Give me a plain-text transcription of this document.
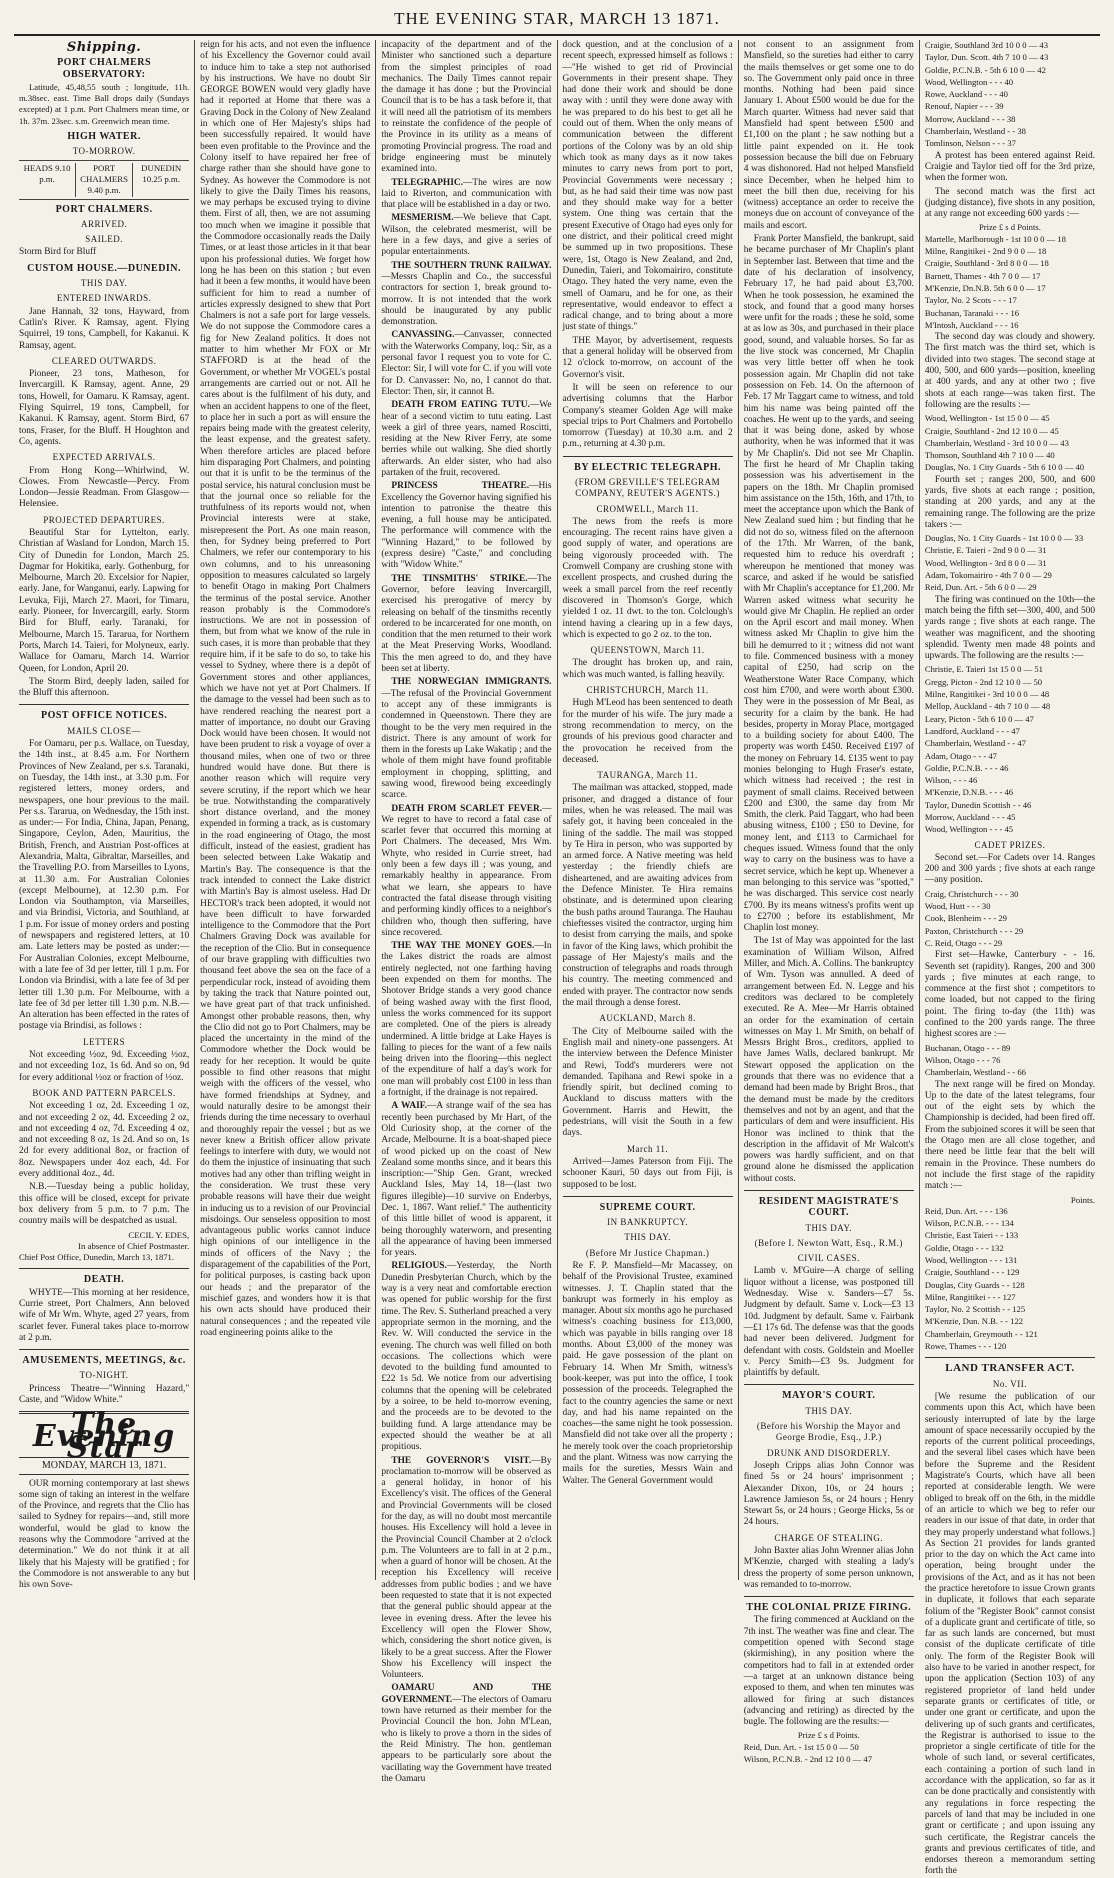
THE EVENING STAR, MARCH 13 1871.
Shipping.
PORT CHALMERS OBSERVATORY:
Latitude, 45,48,55 south ; longitude, 11h. m.38sec. east. Time Ball drops daily (Sundays excepted) at 1 p.m. Port Chalmers mean time, or 1h. 37m. 23sec. s.m. Greenwich mean time.
HIGH WATER.
TO-MORROW.
HEADS 9.10 p.m.
PORT CHALMERS 9.40 p.m.
DUNEDIN 10.25 p.m.
PORT CHALMERS.
ARRIVED.
SAILED.
Storm Bird for Bluff
CUSTOM HOUSE.—DUNEDIN.
THIS DAY.
ENTERED INWARDS.
Jane Hannah, 32 tons, Hayward, from Catlin's River. K Ramsay, agent. Flying Squirrel, 19 tons, Campbell, for Kakanui. K Ramsay, agent.
CLEARED OUTWARDS.
Pioneer, 23 tons, Matheson, for Invercargill. K Ramsay, agent. Anne, 29 tons, Howell, for Oamaru. K Ramsay, agent. Flying Squirrel, 19 tons, Campbell, for Kakanui. K Ramsay, agent. Storm Bird, 67 tons, Fraser, for the Bluff. H Houghton and Co, agents.
EXPECTED ARRIVALS.
From Hong Kong—Whirlwind, W. Clowes. From Newcastle—Percy. From London—Jessie Readman. From Glasgow—Helensiee.
PROJECTED DEPARTURES.
Beautiful Star for Lyttelton, early. Christian af Wasland for London, March 15. City of Dunedin for London, March 25. Dagmar for Hokitika, early. Gothenburg, for Melbourne, March 20. Excelsior for Napier, early. Jane, for Wanganui, early. Lapwing for Levuka, Fiji, March 27. Maori, for Timaru, early. Pioneer, for Invercargill, early. Storm Bird for Bluff, early. Taranaki, for Melbourne, March 15. Tararua, for Northern Ports, March 14. Taieri, for Molyneux, early. Wallace for Oamaru, March 14. Warrior Queen, for London, April 20.
The Storm Bird, deeply laden, sailed for the Bluff this afternoon.
POST OFFICE NOTICES.
MAILS CLOSE—
For Oamaru, per p.s. Wallace, on Tuesday, the 14th inst., at 8.45 a.m. For Northern Provinces of New Zealand, per s.s. Taranaki, on Tuesday, the 14th inst., at 3.30 p.m. For registered letters, money orders, and newspapers, one hour previous to the mail. Per s.s. Tararua, on Wednesday, the 15th inst. as under:— For India, China, Japan, Penang, Singapore, Ceylon, Aden, Mauritius, the British, French, and Austrian Post-offices at Alexandria, Malta, Gibraltar, Marseilles, and the Travelling P.O. from Marseilles to Lyons, at 11.30 a.m. For Australian Colonies (except Melbourne), at 12.30 p.m. For London via Southampton, via Marseilles, and via Brindisi, Victoria, and Southland, at 1 p.m. For issue of money orders and posting of newspapers and registered letters, at 10 am. Late letters may be posted as under:— For Australian Colonies, except Melbourne, with a late fee of 3d per letter, till 1 p.m. For London via Brindisi, with a late fee of 3d per letter till 1.30 p.m. For Melbourne, with a late fee of 3d per letter till 1.30 p.m. N.B.—An alteration has been effected in the rates of postage via Brindisi, as follows :
LETTERS
Not exceeding ½oz, 9d. Exceeding ½oz, and not exceeding 1oz, 1s 6d. And so on, 9d for every additional ½oz or fraction of ½oz.
BOOK AND PATTERN PARCELS.
Not exceeding 1 oz, 2d. Exceeding 1 oz, and not exceeding 2 oz, 4d. Exceeding 2 oz, and not exceeding 4 oz, 7d. Exceeding 4 oz, and not exceeding 8 oz, 1s 2d. And so on, 1s 2d for every additional 8oz, or fraction of 8oz. Newspapers under 4oz each, 4d. For every additional 4oz., 4d.
N.B.—Tuesday being a public holiday, this office will be closed, except for private box delivery from 5 p.m. to 7 p.m. The country mails will be despatched as usual.
CECIL Y. EDES,
In absence of Chief Postmaster.
Chief Post Office, Dunedin, March 13, 1871.
DEATH.
WHYTE—This morning at her residence, Currie street, Port Chalmers, Ann beloved wife of Mr Wm. Whyte, aged 27 years, from scarlet fever. Funeral takes place to-morrow at 2 p.m.
AMUSEMENTS, MEETINGS, &c.
TO-NIGHT.
Princess Theatre—"Winning Hazard," Caste, and "Widow White."
The Evening Star
MONDAY, MARCH 13, 1871.
OUR morning contemporary at last shews some sign of taking an interest in the welfare of the Province, and regrets that the Clio has sailed to Sydney for repairs—and, still more wonderful, would be glad to know the reasons why the Commodore "arrived at the determination." We do not think it at all likely that his Majesty will be gratified ; for the Commodore is not answerable to any but his own Sove-
reign for his acts, and not even the influence of his Excellency the Governor could avail to induce him to take a step not authorised by his instructions. We have no doubt Sir GEORGE BOWEN would very gladly have had it reported at Home that there was a Graving Dock in the Colony of New Zealand in which one of Her Majesty's ships had been successfully repaired. It would have been even profitable to the Province and the Colony itself to have repaired her free of charge rather than she should have gone to Sydney. As however the Commodore is not likely to give the Daily Times his reasons, we may perhaps be excused trying to divine them. First of all, then, we are not assuming too much when we imagine it possible that the Commodore occasionally reads the Daily Times, or at least those articles in it that bear upon his professional duties. We forget how long he has been on this station ; but even had it been a few months, it would have been sufficient for him to read a number of articles expressly designed to shew that Port Chalmers is not a safe port for large vessels. We do not suppose the Commodore cares a fig for New Zealand politics. It does not matter to him whether Mr FOX or Mr STAFFORD is at the head of the Government, or whether Mr VOGEL's postal arrangements are carried out or not. All he cares about is the fulfilment of his duty, and when an accident happens to one of the fleet, to place her in such a port as will ensure the repairs being made with the greatest celerity, the least expense, and the greatest safety. When therefore articles are placed before him disparaging Port Chalmers, and pointing out that it is unfit to be the terminus of the postal service, his natural conclusion must be that the journal once so reliable for the truthfulness of its reports would not, when Provincial interests were at stake, misrepresent the Port. As one main reason, then, for Sydney being preferred to Port Chalmers, we refer our contemporary to his own columns, and to his unreasoning opposition to measures calculated so largely to benefit Otago in making Port Chalmers the terminus of the postal service. Another reason probably is the Commodore's instructions. We are not in possession of them, but from what we know of the rule in such cases, it is more than probable that they require him, if it be safe to do so, to take his vessel to Sydney, where there is a depôt of Government stores and other appliances, which we have not yet at Port Chalmers. If the damage to the vessel had been such as to have rendered reaching the nearest port a matter of importance, no doubt our Graving Dock would have been chosen. It would not have been prudent to risk a voyage of over a thousand miles, when one of two or three hundred would have done. But there is another reason which will require very severe scrutiny, if the report which we hear be true. Notwithstanding the comparatively short distance overland, and the money expended in forming a track, as is customary in the road engineering of Otago, the most difficult, instead of the easiest, gradient has been selected between Lake Wakatip and Martin's Bay. The consequence is that the track intended to connect the Lake district with Martin's Bay is almost useless. Had Dr HECTOR's track been adopted, it would not have been difficult to have forwarded intelligence to the Commodore that the Port Chalmers Graving Dock was available for the reception of the Clio. But in consequence of our brave grappling with difficulties two thousand feet above the sea on the face of a perpendicular rock, instead of avoiding them by taking the track that Nature pointed out, we have great part of that track unfinished. Amongst other probable reasons, then, why the Clio did not go to Port Chalmers, may be placed the uncertainty in the mind of the Commodore whether the Dock would be ready for her reception. It would be quite possible to find other reasons that might weigh with the officers of the vessel, who have formed friendships at Sydney, and would naturally desire to be amongst their friends during the time necessary to overhaul and thoroughly repair the vessel ; but as we never knew a British officer allow private feelings to interfere with duty, we would not do them the injustice of insinuating that such motives had any other than trifling weight in the consideration. We trust these very probable reasons will have their due weight in inducing us to a revision of our Provincial misdoings. Our senseless opposition to most advantageous public works cannot induce high opinions of our intelligence in the minds of officers of the Navy ; the disparagement of the capabilities of the Port, for political purposes, is casting back upon our heads ; and the preparator of the mischief gazes, and wonders how it is that his own acts should have produced their natural consequences ; and the repeated vile road engineering points alike to the
incapacity of the department and of the Minister who sanctioned such a departure from the simplest principles of road mechanics. The Daily Times cannot repair the damage it has done ; but the Provincial Council that is to be has a task before it, that it will need all the patriotism of its members to reinstate the confidence of the people of the Province in its utility as a means of promoting Provincial progress. The road and bridge engineering must be minutely examined into.
TELEGRAPHIC.—The wires are now laid to Riverton, and communication with that place will be established in a day or two.
MESMERISM.—We believe that Capt. Wilson, the celebrated mesmerist, will be here in a few days, and give a series of popular entertainments.
THE SOUTHERN TRUNK RAILWAY.—Messrs Chaplin and Co., the successful contractors for section 1, break ground to-morrow. It is not intended that the work should be inaugurated by any public demonstration.
CANVASSING.—Canvasser, connected with the Waterworks Company, loq.: Sir, as a personal favor I request you to vote for C. Elector: Sir, I will vote for C. if you will vote for D. Canvasser: No, no, I cannot do that. Elector: Then, sir, it cannot B.
DEATH FROM EATING TUTU.—We hear of a second victim to tutu eating. Last week a girl of three years, named Roscitti, residing at the New River Ferry, ate some berries while out walking. She died shortly afterwards. An elder sister, who had also partaken of the fruit, recovered.
PRINCESS THEATRE.—His Excellency the Governor having signified his intention to patronise the theatre this evening, a full house may be anticipated. The performance will commence with the "Winning Hazard," to be followed by (express desire) "Caste," and concluding with "Widow White."
THE TINSMITHS' STRIKE.—The Governor, before leaving Invercargill, exercised his prerogative of mercy by releasing on behalf of the tinsmiths recently ordered to be incarcerated for one month, on condition that the men returned to their work at the Meat Preserving Works, Woodland. This the men agreed to do, and they have been set at liberty.
THE NORWEGIAN IMMIGRANTS.—The refusal of the Provincial Government to accept any of these immigrants is condemned in Queenstown. There they are thought to be the very men required in the district. There is any amount of work for them in the forests up Lake Wakatip ; and the whole of them might have found profitable employment in chopping, splitting, and sawing wood, firewood being exceedingly scarce.
DEATH FROM SCARLET FEVER.—We regret to have to record a fatal case of scarlet fever that occurred this morning at Port Chalmers. The deceased, Mrs Wm. Whyte, who resided in Currie street, had only been a few days ill ; was young, and remarkably healthy in appearance. From what we learn, she appears to have contracted the fatal disease through visiting and performing kindly offices to a neighbor's children who, though then suffering, have since recovered.
THE WAY THE MONEY GOES.—In the Lakes district the roads are almost entirely neglected, not one farthing having been expended on them for months. The Shotover Bridge stands a very good chance of being washed away with the first flood, unless the works commenced for its support are completed. One of the piers is already undermined. A little bridge at Lake Hayes is falling to pieces for the want of a few nails being driven into the flooring—this neglect of the expenditure of half a day's work for one man will probably cost £100 in less than a fortnight, if the drainage is not repaired.
A WAIF.—A strange waif of the sea has recently been purchased by Mr Hart, of the Old Curiosity shop, at the corner of the Arcade, Melbourne. It is a boat-shaped piece of wood picked up on the coast of New Zealand some months since, and it bears this inscription:—"Ship Gen. Grant, wrecked Auckland Isles, May 14, 18—(last two figures illegible)—10 survive on Enderbys, Dec. 1, 1867. Want relief." The authenticity of this little billet of wood is apparent, it being thoroughly waterworn, and presenting all the appearance of having been immersed for years.
RELIGIOUS.—Yesterday, the North Dunedin Presbyterian Church, which by the way is a very neat and comfortable erection was opened for public worship for the first time. The Rev. S. Sutherland preached a very appropriate sermon in the morning, and the Rev. W. Will conducted the service in the evening. The church was well filled on both occasions. The collections which were devoted to the building fund amounted to £22 1s 5d. We notice from our advertising columns that the opening will be celebrated by a soiree, to be held to-morrow evening, and the proceeds are to be devoted to the building fund. A large attendance may be expected should the weather be at all propitious.
THE GOVERNOR'S VISIT.—By proclamation to-morrow will be observed as a general holiday, in honor of his Excellency's visit. The offices of the General and Provincial Governments will be closed for the day, as will no doubt most mercantile houses. His Excellency will hold a levee in the Provincial Council Chamber at 2 o'clock p.m. The Volunteers are to fall in at 2 p.m., when a guard of honor will be chosen. At the reception his Excellency will receive addresses from public bodies ; and we have been requested to state that it is not expected that the general public should appear at the levee in evening dress. After the levee his Excellency will open the Flower Show, which, considering the short notice given, is likely to be a great success. After the Flower Show his Excellency will inspect the Volunteers.
OAMARU AND THE GOVERNMENT.—The electors of Oamaru town have returned as their member for the Provincial Council the hon. John M'Lean, who is likely to prove a thorn in the sides of the Reid Ministry. The hon. gentleman appears to be particularly sore about the vacillating way the Government have treated the Oamaru
dock question, and at the conclusion of a recent speech, expressed himself as follows :—"He wished to get rid of Provincial Governments in their present shape. They had done their work and should be done away with : until they were done away with he was prepared to do his best to get all he could out of them. When the only means of communication between the different portions of the Colony was by an old ship which took as many days as it now takes minutes to carry news from port to port, Provincial Governments were necessary ; but, as he had said their time was now past and they should make way for a better system. One thing was certain that the present Executive of Otago had eyes only for one district, and their political creed might be summed up in two propositions. These were, 1st, Otago is New Zealand, and 2nd, Dunedin, Taieri, and Tokomairiro, constitute Otago. They hated the very name, even the smell of Oamaru, and he for one, as their representative, would endeavor to effect a radical change, and to bring about a more just state of things."
THE Mayor, by advertisement, requests that a general holiday will be observed from 12 o'clock to-morrow, on account of the Governor's visit.
It will be seen on reference to our advertising columns that the Harbor Company's steamer Golden Age will make special trips to Port Chalmers and Portobello tomorrow (Tuesday) at 10.30 a.m. and 2 p.m., returning at 4.30 p.m.
BY ELECTRIC TELEGRAPH.
(FROM GREVILLE'S TELEGRAM COMPANY, REUTER'S AGENTS.)
CROMWELL, March 11.
The news from the reefs is more encouraging. The recent rains have given a good supply of water, and operations are being vigorously proceeded with. The Cromwell Company are crushing stone with excellent prospects, and crushed during the week a small parcel from the reef recently discovered in Thomson's Gorge, which yielded 1 oz. 11 dwt. to the ton. Colclough's intend having a clearing up in a few days, which is expected to go 2 oz. to the ton.
QUEENSTOWN, March 11.
The drought has broken up, and rain, which was much wanted, is falling heavily.
CHRISTCHURCH, March 11.
Hugh M'Leod has been sentenced to death for the murder of his wife. The jury made a strong recommendation to mercy, on the grounds of his previous good character and the provocation he received from the deceased.
TAURANGA, March 11.
The mailman was attacked, stopped, made prisoner, and dragged a distance of four miles, when he was released. The mail was safely got, it having been concealed in the lining of the saddle. The mail was stopped by Te Hira in person, who was supported by an armed force. A Native meeting was held yesterday ; the friendly chiefs are disheartened, and are awaiting advices from the Defence Minister. Te Hira remains obstinate, and is determined upon clearing the bush paths around Tauranga. The Hauhau chieftesses visited the contractor, urging him to desist from carrying the mails, and spoke in favor of the King laws, which prohibit the passage of Her Majesty's mails and the construction of telegraphs and roads through his country. The meeting commenced and ended with prayer. The contractor now sends the mail through a dense forest.
AUCKLAND, March 8.
The City of Melbourne sailed with the English mail and ninety-one passengers. At the interview between the Defence Minister and Rewi, Todd's murderers were not demanded. Tapihana and Rewi spoke in a friendly spirit, but declined coming to Auckland to discuss matters with the Government. Harris and Hewitt, the pedestrians, will visit the South in a few days.
March 11.
Arrived—James Paterson from Fiji. The schooner Kauri, 50 days out from Fiji, is supposed to be lost.
SUPREME COURT.
IN BANKRUPTCY.
THIS DAY.
(Before Mr Justice Chapman.)
Re F. P. Mansfield—Mr Macassey, on behalf of the Provisional Trustee, examined witnesses. J. T. Chaplin stated that the bankrupt was formerly in his employ as manager. About six months ago he purchased witness's coaching business for £13,000, which was payable in bills ranging over 18 months. About £3,000 of the money was paid. He gave possession of the plant on February 14. When Mr Smith, witness's book-keeper, was put into the office, I took possession of the proceeds. Telegraphed the fact to the country agencies the same or next day, and had his name repainted on the coaches—the same night he took possession. Mansfield did not take over all the property ; he merely took over the coach proprietorship and the plant. Witness was now carrying the mails for the sureties, Messrs Wain and Walter. The General Government would
not consent to an assignment from Mansfield, so the sureties had either to carry the mails themselves or get some one to do so. The Government only paid once in three months. Nothing had been paid since January 1. About £500 would be due for the March quarter. Witness had never said that Mansfield had spent between £500 and £1,100 on the plant ; he saw nothing but a little paint expended on it. He took possession because the bill due on February 4 was dishonored. Had not helped Mansfield since December, when he helped him to meet the bill then due, receiving for his (witness) acceptance an order to receive the moneys due on account of conveyance of the mails and escort.
Frank Porter Mansfield, the bankrupt, said he became purchaser of Mr Chaplin's plant in September last. Between that time and the date of his declaration of insolvency, February 17, he had paid about £3,700. When he took possession, he examined the stock, and found that a good many horses were unfit for the roads ; these he sold, some at as low as 30s, and purchased in their place good, sound, and valuable horses. So far as the live stock was concerned, Mr Chaplin was very little better off when he took possession again. Mr Chaplin did not take possession on Feb. 14. On the afternoon of Feb. 17 Mr Taggart came to witness, and told him his name was being painted off the coaches. He went up to the yards, and seeing that it was being done, asked by whose authority, when he was informed that it was by Mr Chaplin's. Did not see Mr Chaplin. The first he heard of Mr Chaplin taking possession was his advertisement in the papers on the 18th. Mr Chaplin promised him assistance on the 15th, 16th, and 17th, to meet the acceptance upon which the Bank of New Zealand sued him ; but finding that he did not do so, witness filed on the afternoon of the 17th. Mr Warren, of the bank, requested him to reduce his overdraft ; whereupon he mentioned that money was scarce, and asked if he would be satisfied with Mr Chaplin's acceptance for £1,200. Mr Warren asked witness what security he would give Mr Chaplin. He replied an order on the April escort and mail money. When witness asked Mr Chaplin to give him the bill he demurred to it ; witness did not want to file. Commenced business with a money capital of £250, had scrip on the Weatherstone Water Race Company, which cost him £700, and were worth about £300. They were in the possession of Mr Beal, as security for a claim by the bank. He had besides, property in Moray Place, mortgaged to a building society for about £400. The property was worth £450. Received £197 of the money on February 14. £135 went to pay monies belonging to Hugh Fraser's estate, which witness had received ; the rest in payment of small claims. Received between £200 and £300, the same day from Mr Smith, the clerk. Paid Taggart, who had been abusing witness, £100 ; £50 to Devine, for money lent, and £113 to Carmichael for cheques issued. Witness found that the only way to carry on the business was to have a secret service, which he kept up. Whenever a man belonging to this service was "spotted," he was discharged. This service cost nearly £700. By its means witness's profits went up to £2700 ; before its establishment, Mr Chaplin lost money.
The 1st of May was appointed for the last examination of William Wilson, Alfred Miller, and Mich. A. Collins. The bankruptcy of Wm. Tyson was annulled. A deed of arrangement between Ed. N. Legge and his creditors was declared to be completely executed. Re A. Mee—Mr Harris obtained an order for the examination of certain witnesses on May 1. Mr Smith, on behalf of Messrs Bright Bros., creditors, applied to have James Walls, declared bankrupt. Mr Stewart opposed the application on the grounds that there was no evidence that a demand had been made by Bright Bros., that the demand must be made by the creditors themselves and not by an agent, and that the particulars of dem and were insufficient. His Honor was inclined to think that the description in the affidavit of Mr Walcott's powers was hardly sufficient, and on that ground alone he dismissed the application without costs.
RESIDENT MAGISTRATE'S COURT.
THIS DAY.
(Before I. Newton Watt, Esq., R.M.)
CIVIL CASES.
Lamb v. M'Guire—A charge of selling liquor without a license, was postponed till Wednesday. Wise v. Sanders—£7 5s. Judgment by default. Same v. Lock—£3 13 10d. Judgment by default. Same v. Fairbank—£1 17s 6d. The defense was that the goods had never been delivered. Judgment for defendant with costs. Goldstein and Moeller v. Percy Smith—£3 9s. Judgment for plaintiffs by default.
MAYOR'S COURT.
THIS DAY.
(Before his Worship the Mayor and George Brodie, Esq., J.P.)
DRUNK AND DISORDERLY.
Joseph Cripps alias John Connor was fined 5s or 24 hours' imprisonment ; Alexander Dixon, 10s, or 24 hours ; Lawrence Jamieson 5s, or 24 hours ; Henry Stewart 5s, or 24 hours ; George Hicks, 5s or 24 hours.
CHARGE OF STEALING.
John Baxter alias John Wrenner alias John M'Kenzie, charged with stealing a lady's dress the property of some person unknown, was remanded to to-morrow.
THE COLONIAL PRIZE FIRING.
The firing commenced at Auckland on the 7th inst. The weather was fine and clear. The competition opened with Second stage (skirmishing), in any position where the competitors had to fall in at extended order—a target at an unknown distance being exposed to them, and when ten minutes was allowed for firing at such distances (advancing and retiring) as directed by the bugle. The following are the results:—
Prize £ s d Points.
Reid, Dun. Art. - 1st 15 0 0 — 50
Wilson, P.C.N.B. - 2nd 12 10 0 — 47
Craigie, Southland 3rd 10 0 0 — 43
Taylor, Dun. Scott. 4th 7 10 0 — 43
Goldie, P.C.N.B. - 5th 6 10 0 — 42
Wood, Wellington - - - 40
Rowe, Auckland - - - 40
Renouf, Napier - - - 39
Morrow, Auckland - - - 38
Chamberlain, Westland - - 38
Tomlinson, Nelson - - - 37
A protest has been entered against Reid. Craigie and Taylor tied off for the 3rd prize, when the former won.
The second match was the first act (judging distance), five shots in any position, at any range not exceeding 600 yards :—
Prize £ s d Points.
Martelle, Marlborough - 1st 10 0 0 — 18
Milne, Rangitikei - 2nd 9 0 0 — 18
Craigie, Southland - 3rd 8 0 0 — 18
Barnett, Thames - 4th 7 0 0 — 17
M'Kenzie, Dn.N.B. 5th 6 0 0 — 17
Taylor, No. 2 Scots - - - 17
Buchanan, Taranaki - - - 16
M'Intosh, Auckland - - - 16
The second day was cloudy and showery. The first match was the third set, which is divided into two stages. The second stage at 400, 500, and 600 yards—position, kneeling at 400 yards, and any at other two ; five shots at each range—was taken first. The following are the results :—
Wood, Wellington - 1st 15 0 0 — 45
Craigie, Southland - 2nd 12 10 0 — 45
Chamberlain, Westland - 3rd 10 0 0 — 43
Thomson, Southland 4th 7 10 0 — 40
Douglas, No. 1 City Guards - 5th 6 10 0 — 40
Fourth set ; ranges 200, 500, and 600 yards, five shots at each range ; position, standing at 200 yards, and any at the remaining range. The following are the prize takers :—
Douglas, No. 1 City Guards - 1st 10 0 0 — 33
Christie, E. Taieri - 2nd 9 0 0 — 31
Wood, Wellington - 3rd 8 0 0 — 31
Adam, Tokomairiro - 4th 7 0 0 — 29
Reid, Dun. Art. - 5th 6 0 0 — 29
The firing was continued on the 10th—the match being the fifth set—300, 400, and 500 yards range ; five shots at each range. The weather was magnificent, and the shooting splendid. Twenty men made 48 points and upwards. The following are the results :—
Christie, E. Taieri 1st 15 0 0 — 51
Gregg, Picton - 2nd 12 10 0 — 50
Milne, Rangitikei - 3rd 10 0 0 — 48
Mellop, Auckland - 4th 7 10 0 — 48
Leary, Picton - 5th 6 10 0 — 47
Landford, Auckland - - - 47
Chamberlain, Westland - - 47
Adam, Otago - - - 47
Goldie, P.C.N.B. - - - 46
Wilson, - - - 46
M'Kenzie, D.N.B. - - - 46
Taylor, Dunedin Scottish - - 46
Morrow, Auckland - - - 45
Wood, Wellington - - - 45
CADET PRIZES.
Second set.—For Cadets over 14. Ranges 200 and 300 yards ; five shots at each range —any position.
Craig, Christchurch - - - 30
Wood, Hutt - - - 30
Cook, Blenheim - - - 29
Paxton, Christchurch - - - 29
C. Reid, Otago - - - 29
First set—Hawke, Canterbury - - 16. Seventh set (rapidity). Ranges, 200 and 300 yards ; five minutes at each range, to commence at the first shot ; competitors to come loaded, but not capped to the firing point. The firing to-day (the 11th) was confined to the 200 yards range. The three highest scores are :—
Buchanan, Otago - - - 89
Wilson, Otago - - - 76
Chamberlain, Westland - - 66
The next range will be fired on Monday. Up to the date of the latest telegrams, four out of the eight sets by which the Championship is decided, had been fired off. From the subjoined scores it will be seen that the Otago men are all close together, and there need be little fear that the belt will remain in the Province. These numbers do not include the first stage of the rapidity match :—
Points.
Reid, Dun. Art. - - - 136
Wilson, P.C.N.B. - - - 134
Christie, East Taieri - - 133
Goldie, Otago - - - 132
Wood, Wellington - - - 131
Craigie, Southland - - - 129
Douglas, City Guards - - 128
Milne, Rangitikei - - - 127
Taylor, No. 2 Scottish - - 125
M'Kenzie, Dun. N.B. - - 122
Chamberlain, Greymouth - - 121
Rowe, Thames - - - 120
LAND TRANSFER ACT.
No. VII.
[We resume the publication of our comments upon this Act, which have been seriously interrupted of late by the large amount of space necessarily occupied by the reports of the current political proceedings, and the several libel cases which have been before the Supreme and the Resident Magistrate's Courts, which have all been reported at considerable length. We were obliged to break off on the 6th, in the middle of an article to which we beg to refer our readers in our issue of that date, in order that they may properly understand what follows.] As Section 21 provides for lands granted prior to the day on which the Act came into operation, being brought under the provisions of the Act, and as it has not been the practice heretofore to issue Crown grants in duplicate, it follows that each separate folium of the "Register Book" cannot consist of a duplicate grant and certificate of title, so far as such lands are concerned, but must consist of the duplicate certificate of title only. The form of the Register Book will also have to be varied in another respect, for upon the application (Section 103) of any registered proprietor of land held under separate grants or certificates of title, or under one grant or certificate, and upon the delivering up of such grants and certificates, the Registrar is authorised to issue to the proprietor a single certificate of title for the whole of such land, or several certificates, each containing a portion of such land in accordance with the application, so far as it can be done practically and consistently with any regulations in force respecting the parcels of land that may be included in one grant or certificate ; and upon issuing any such certificate, the Registrar cancels the grants and previous certificates of title, and endorses thereon a memorandum setting forth the
